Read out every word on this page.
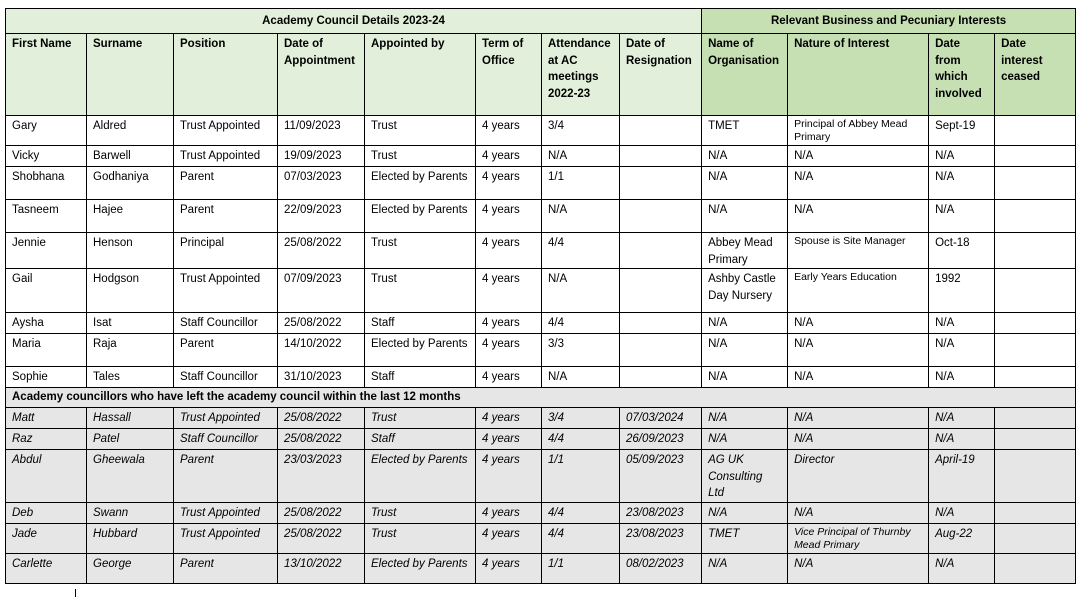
Academy Council Details 2023-24								Relevant Business and Pecuniary Interests			
First Name	Surname	Position	Date of Appointment	Appointed by	Term of Office	Attendance at AC meetings 2022-23	Date of Resignation	Name of Organisation	Nature of Interest	Date from which involved	Date interest ceased
Gary	Aldred	Trust Appointed	11/09/2023	Trust	4 years	3/4		TMET	Principal of Abbey Mead Primary	Sept-19	
Vicky	Barwell	Trust Appointed	19/09/2023	Trust	4 years	N/A		N/A	N/A	N/A	
Shobhana	Godhaniya	Parent	07/03/2023	Elected by Parents	4 years	1/1		N/A	N/A	N/A	
Tasneem	Hajee	Parent	22/09/2023	Elected by Parents	4 years	N/A		N/A	N/A	N/A	
Jennie	Henson	Principal	25/08/2022	Trust	4 years	4/4		Abbey Mead Primary	Spouse is Site Manager	Oct-18	
Gail	Hodgson	Trust Appointed	07/09/2023	Trust	4 years	N/A		Ashby Castle Day Nursery	Early Years Education	1992	
Aysha	Isat	Staff Councillor	25/08/2022	Staff	4 years	4/4		N/A	N/A	N/A	
Maria	Raja	Parent	14/10/2022	Elected by Parents	4 years	3/3		N/A	N/A	N/A	
Sophie	Tales	Staff Councillor	31/10/2023	Staff	4 years	N/A		N/A	N/A	N/A	
Academy councillors who have left the academy council within the last 12 months											
Matt	Hassall	Trust Appointed	25/08/2022	Trust	4 years	3/4	07/03/2024	N/A	N/A	N/A	
Raz	Patel	Staff Councillor	25/08/2022	Staff	4 years	4/4	26/09/2023	N/A	N/A	N/A	
Abdul	Gheewala	Parent	23/03/2023	Elected by Parents	4 years	1/1	05/09/2023	AG UK Consulting Ltd	Director	April-19	
Deb	Swann	Trust Appointed	25/08/2022	Trust	4 years	4/4	23/08/2023	N/A	N/A	N/A	
Jade	Hubbard	Trust Appointed	25/08/2022	Trust	4 years	4/4	23/08/2023	TMET	Vice Principal of Thurnby Mead Primary	Aug-22	
Carlette	George	Parent	13/10/2022	Elected by Parents	4 years	1/1	08/02/2023	N/A	N/A	N/A	
